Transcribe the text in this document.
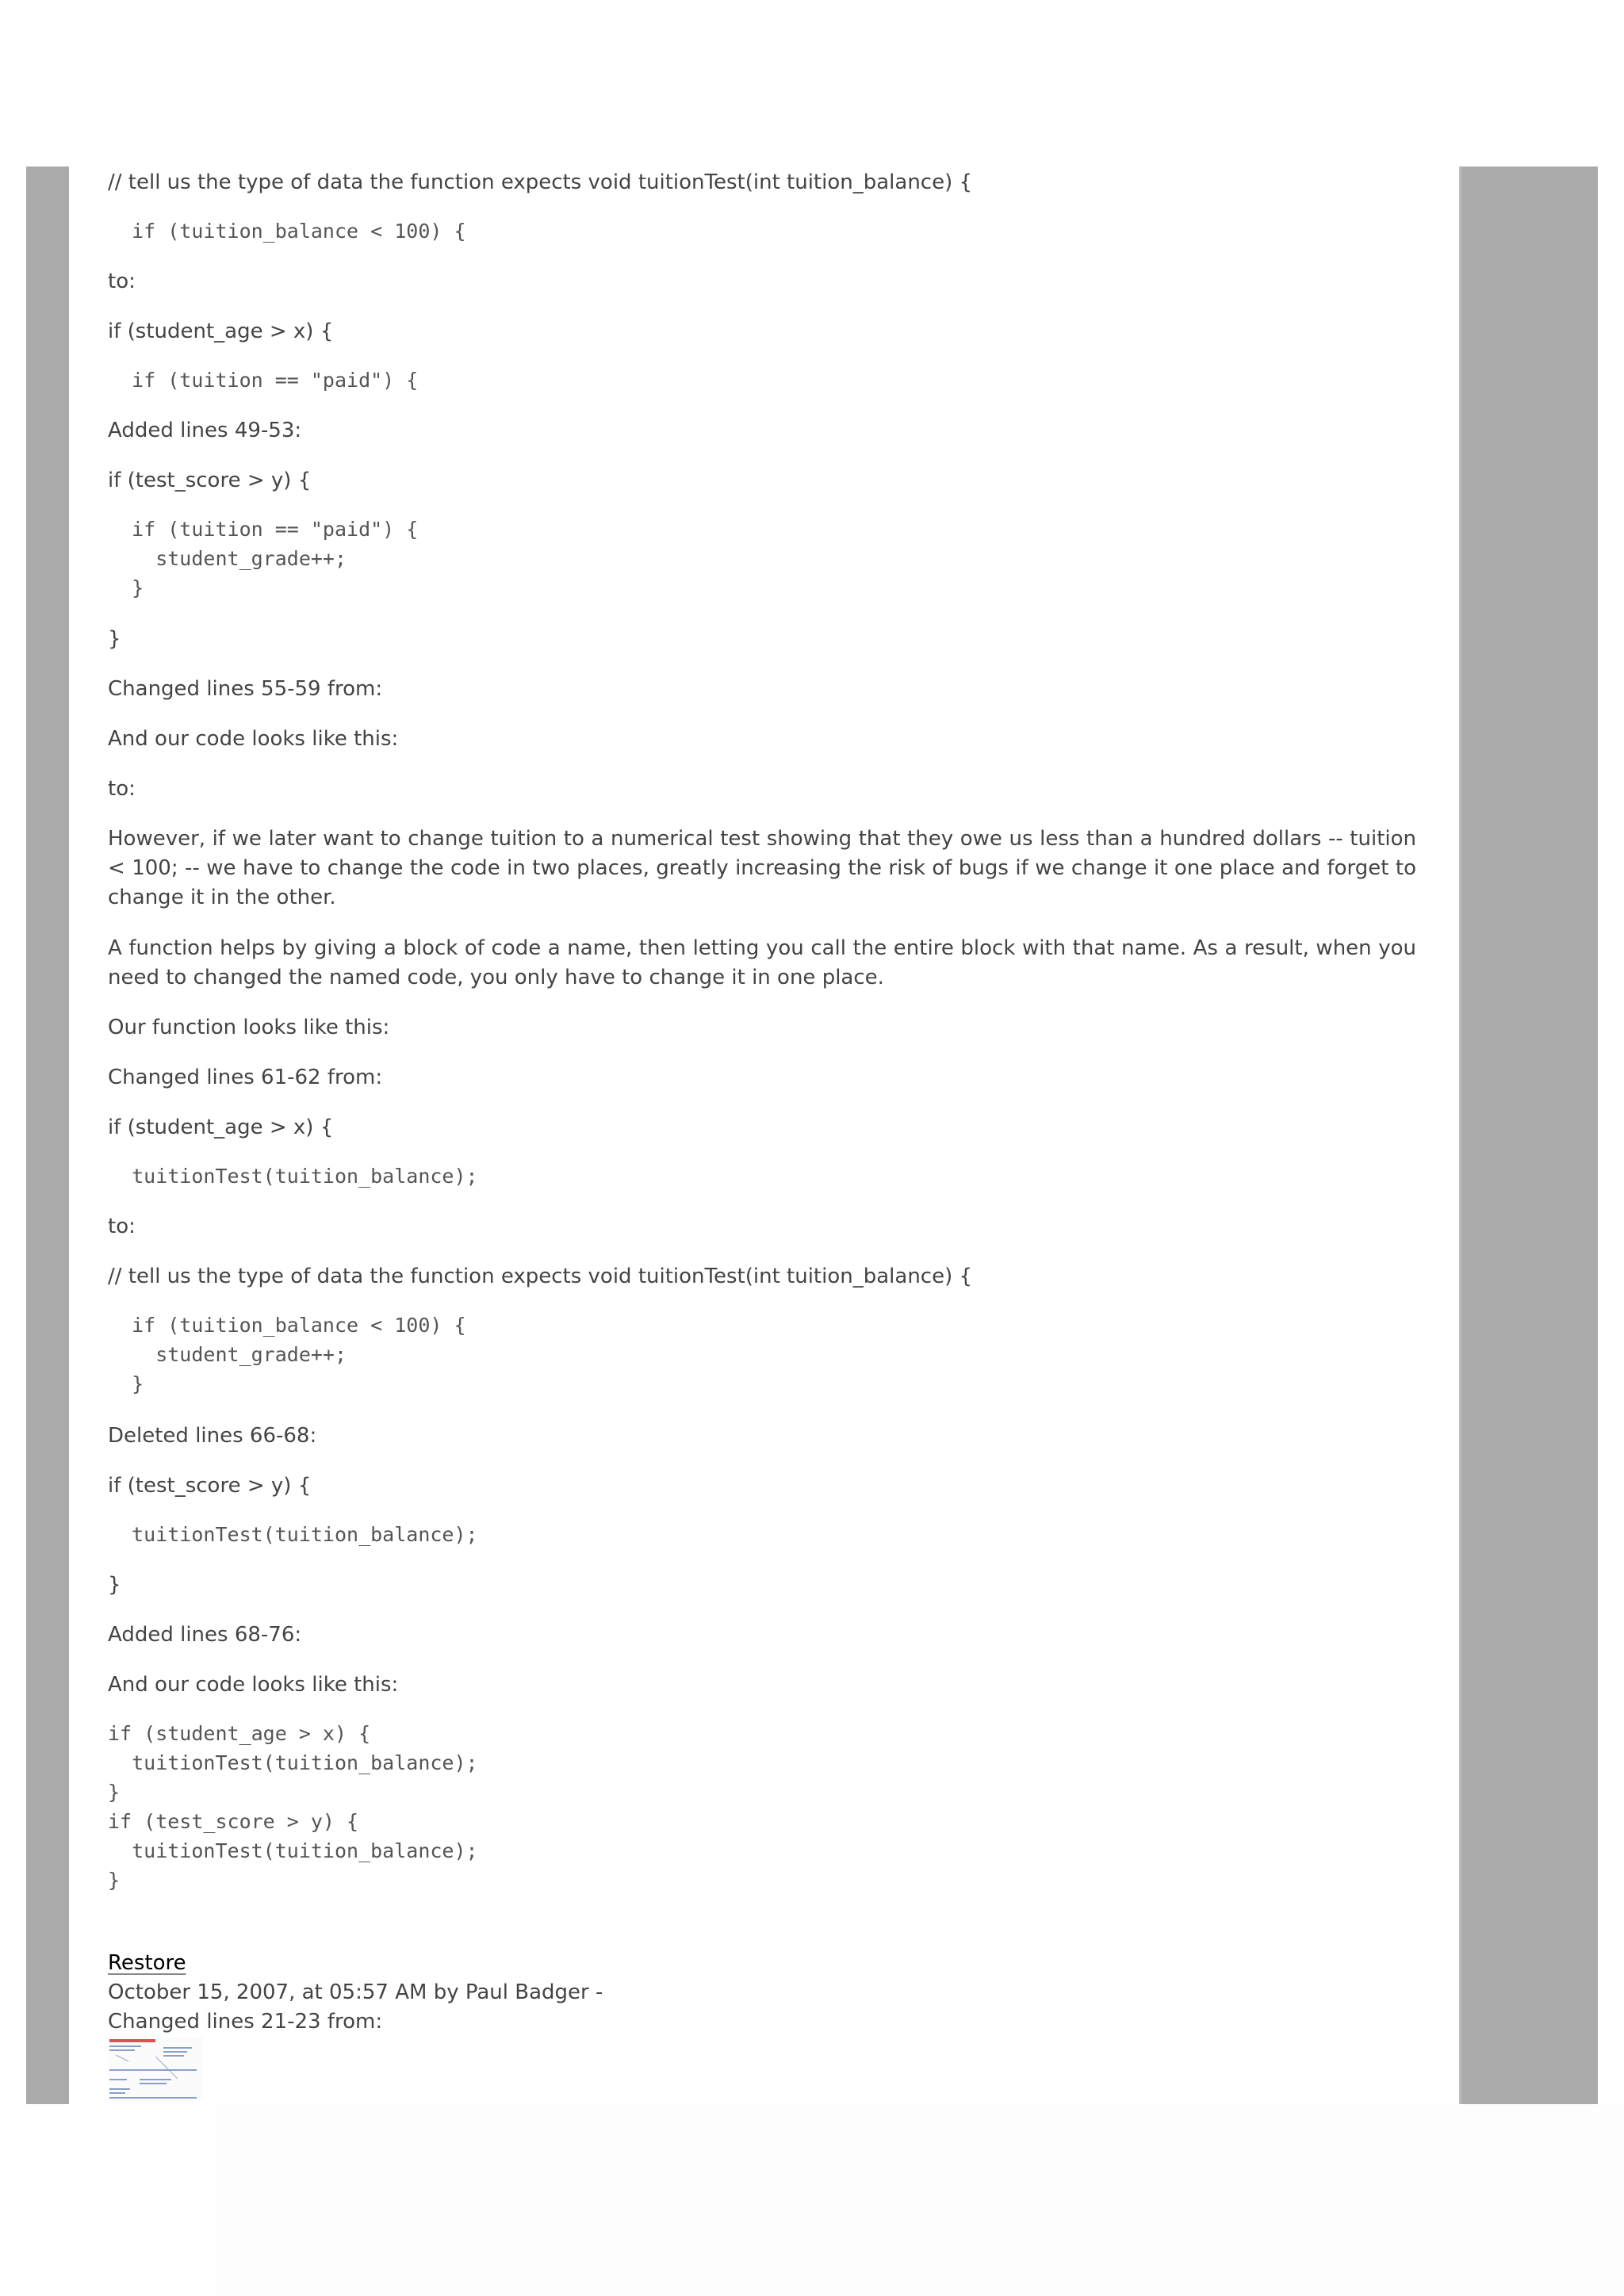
// tell us the type of data the function expects void tuitionTest(int tuition_balance) {

if (tuition_balance < 100) {

to:

if (student_age > x) {

if (tuition == "paid") {

Added lines 49-53:

if (test_score > y) {

if (tuition == "paid") {
student_grade++;
}

}

Changed lines 55-59 from:

And our code looks like this:

to:

However, if we later want to change tuition to a numerical test showing that they owe us less than a hundred dollars -- tuition < 100; -- we have to change the code in two places, greatly increasing the risk of bugs if we change it one place and forget to change it in the other.

A function helps by giving a block of code a name, then letting you call the entire block with that name. As a result, when you need to changed the named code, you only have to change it in one place.

Our function looks like this:

Changed lines 61-62 from:

if (student_age > x) {

tuitionTest(tuition_balance);

to:

// tell us the type of data the function expects void tuitionTest(int tuition_balance) {

if (tuition_balance < 100) {
student_grade++;
}

Deleted lines 66-68:

if (test_score > y) {

tuitionTest(tuition_balance);

}

Added lines 68-76:

And our code looks like this:

if (student_age > x) {
tuitionTest(tuition_balance);
}
if (test_score > y) {
tuitionTest(tuition_balance);
}

Restore
October 15, 2007, at 05:57 AM by Paul Badger -
Changed lines 21-23 from:
